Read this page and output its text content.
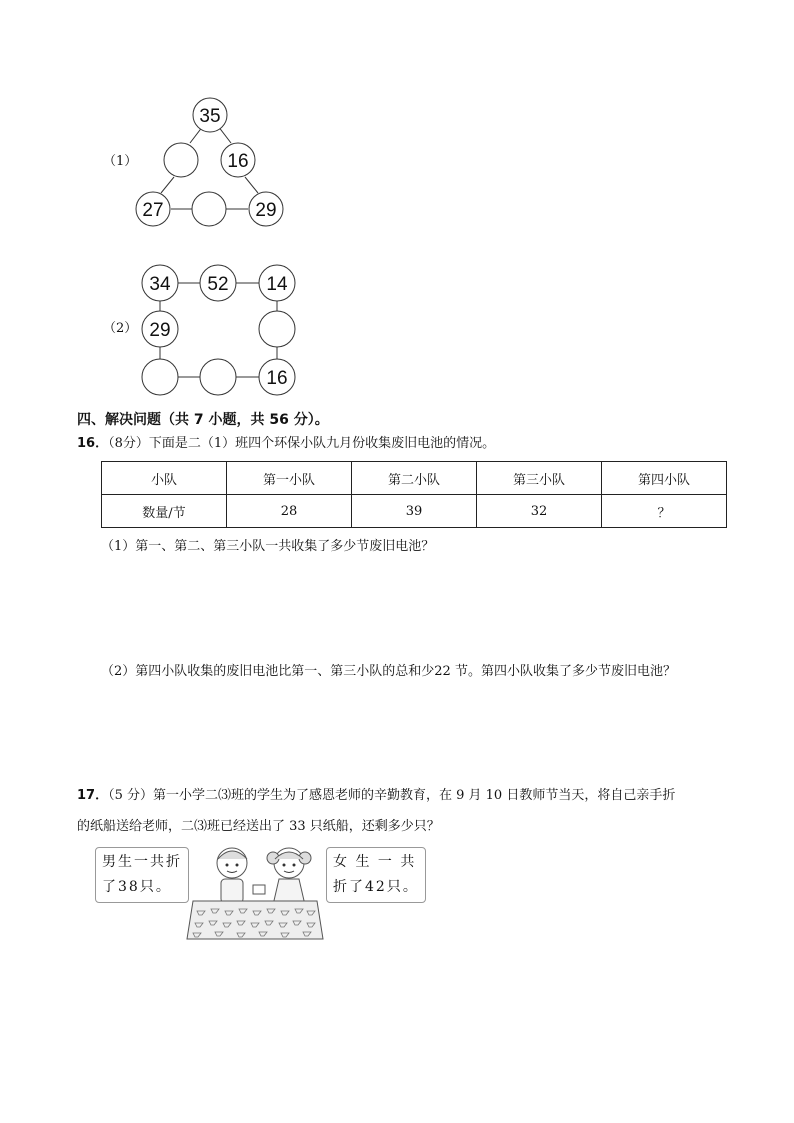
（1）
35
16
27	29
（2）
34 52 14
29
16
四、解决问题（共 7 小题，共 56 分）。
16．（8分）下面是二（1）班四个环保小队九月份收集废旧电池的情况。
小队	第一小队	第二小队	第三小队	第四小队
数量/节	28	39	32	？
（1）第一、第二、第三小队一共收集了多少节废旧电池？
（2）第四小队收集的废旧电池比第一、第三小队的总和少22 节。第四小队收集了多少节废旧电池？
17．（5 分）第一小学二⑶班的学生为了感恩老师的辛勤教育，在 9 月 10 日教师节当天，将自己亲手折
的纸船送给老师，二⑶班已经送出了 33 只纸船，还剩多少只？
男生一共折
了38只。
女 生 一 共
折了42只。
